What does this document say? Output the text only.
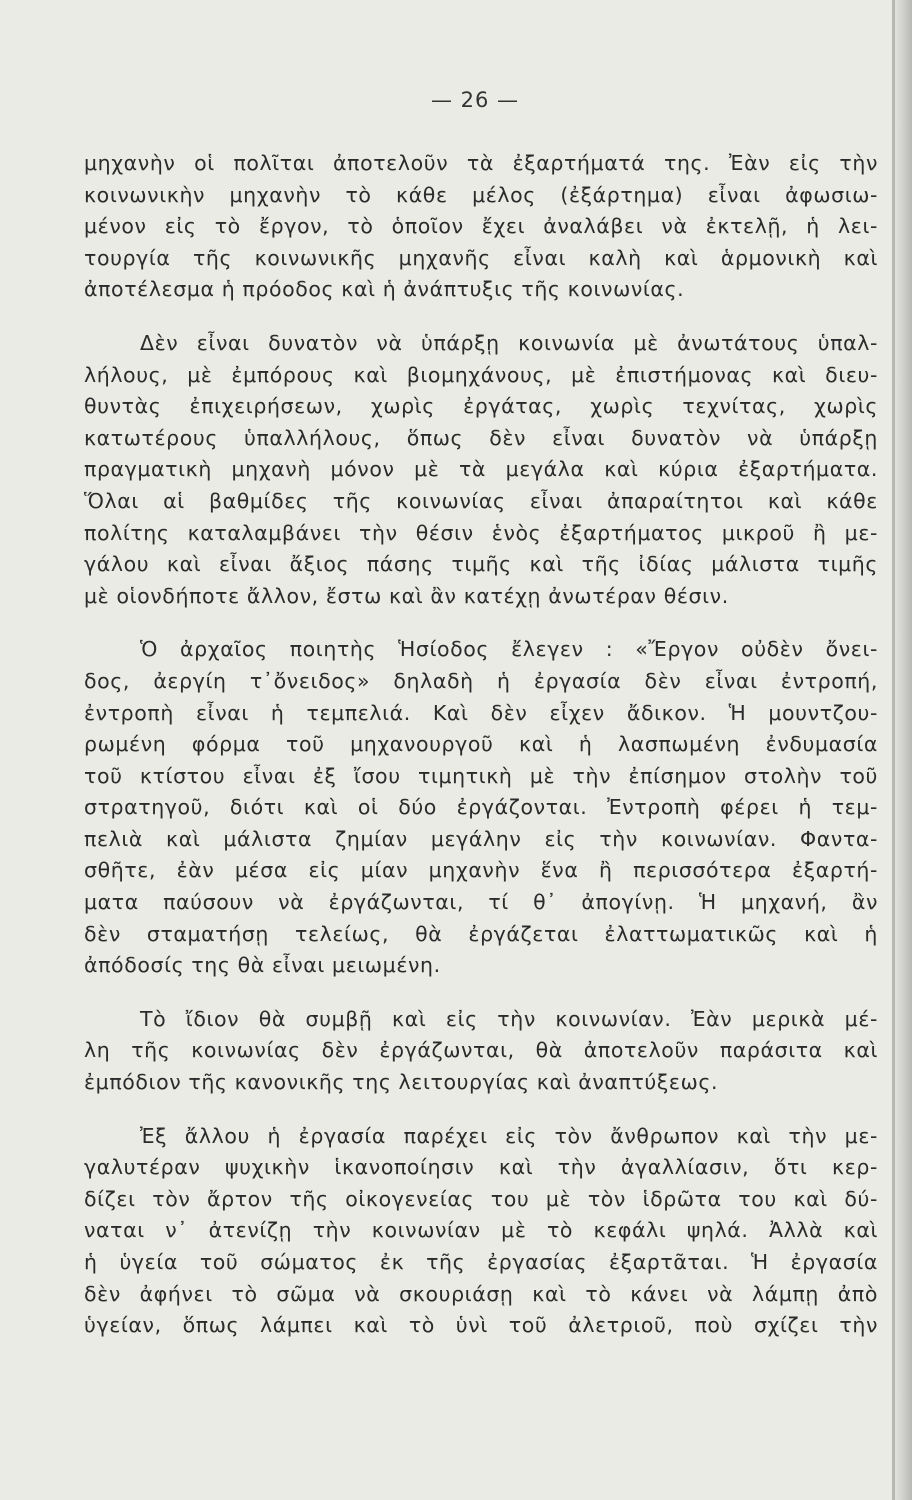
— 26 —

μηχανὴν οἱ πολῖται ἀποτελοῦν τὰ ἐξαρτήματά της. Ἐὰν εἰς τὴν
κοινωνικὴν μηχανὴν τὸ κάθε μέλος (ἐξάρτημα) εἶναι ἀφωσιω-
μένον εἰς τὸ ἔργον, τὸ ὁποῖον ἔχει ἀναλάβει νὰ ἐκτελῇ, ἡ λει-
τουργία τῆς κοινωνικῆς μηχανῆς εἶναι καλὴ καὶ ἁρμονικὴ καὶ
ἀποτέλεσμα ἡ πρόοδος καὶ ἡ ἀνάπτυξις τῆς κοινωνίας.

Δὲν εἶναι δυνατὸν νὰ ὑπάρξῃ κοινωνία μὲ ἀνωτάτους ὑπαλ-
λήλους, μὲ ἐμπόρους καὶ βιομηχάνους, μὲ ἐπιστήμονας καὶ διευ-
θυντὰς ἐπιχειρήσεων, χωρὶς ἐργάτας, χωρὶς τεχνίτας, χωρὶς
κατωτέρους ὑπαλλήλους, ὅπως δὲν εἶναι δυνατὸν νὰ ὑπάρξῃ
πραγματικὴ μηχανὴ μόνον μὲ τὰ μεγάλα καὶ κύρια ἐξαρτήματα.
Ὅλαι αἱ βαθμίδες τῆς κοινωνίας εἶναι ἀπαραίτητοι καὶ κάθε
πολίτης καταλαμβάνει τὴν θέσιν ἑνὸς ἐξαρτήματος μικροῦ ἢ με-
γάλου καὶ εἶναι ἄξιος πάσης τιμῆς καὶ τῆς ἰδίας μάλιστα τιμῆς
μὲ οἱονδήποτε ἄλλον, ἔστω καὶ ἂν κατέχῃ ἀνωτέραν θέσιν.

Ὁ ἀρχαῖος ποιητὴς Ἡσίοδος ἔλεγεν : «Ἔργον οὐδὲν ὄνει-
δος, ἀεργίη τ᾽ὄνειδος» δηλαδὴ ἡ ἐργασία δὲν εἶναι ἐντροπή,
ἐντροπὴ εἶναι ἡ τεμπελιά. Καὶ δὲν εἶχεν ἄδικον. Ἡ μουντζου-
ρωμένη φόρμα τοῦ μηχανουργοῦ καὶ ἡ λασπωμένη ἐνδυμασία
τοῦ κτίστου εἶναι ἐξ ἴσου τιμητικὴ μὲ τὴν ἐπίσημον στολὴν τοῦ
στρατηγοῦ, διότι καὶ οἱ δύο ἐργάζονται. Ἐντροπὴ φέρει ἡ τεμ-
πελιὰ καὶ μάλιστα ζημίαν μεγάλην εἰς τὴν κοινωνίαν. Φαντα-
σθῆτε, ἐὰν μέσα εἰς μίαν μηχανὴν ἕνα ἢ περισσότερα ἐξαρτή-
ματα παύσουν νὰ ἐργάζωνται, τί θ᾽ ἀπογίνῃ. Ἡ μηχανή, ἂν
δὲν σταματήσῃ τελείως, θὰ ἐργάζεται ἐλαττωματικῶς καὶ ἡ
ἀπόδοσίς της θὰ εἶναι μειωμένη.

Τὸ ἴδιον θὰ συμβῇ καὶ εἰς τὴν κοινωνίαν. Ἐὰν μερικὰ μέ-
λη τῆς κοινωνίας δὲν ἐργάζωνται, θὰ ἀποτελοῦν παράσιτα καὶ
ἐμπόδιον τῆς κανονικῆς της λειτουργίας καὶ ἀναπτύξεως.

Ἐξ ἄλλου ἡ ἐργασία παρέχει εἰς τὸν ἄνθρωπον καὶ τὴν με-
γαλυτέραν ψυχικὴν ἱκανοποίησιν καὶ τὴν ἀγαλλίασιν, ὅτι κερ-
δίζει τὸν ἄρτον τῆς οἰκογενείας του μὲ τὸν ἱδρῶτα του καὶ δύ-
ναται ν᾽ ἀτενίζῃ τὴν κοινωνίαν μὲ τὸ κεφάλι ψηλά. Ἀλλὰ καὶ
ἡ ὑγεία τοῦ σώματος ἐκ τῆς ἐργασίας ἐξαρτᾶται. Ἡ ἐργασία
δὲν ἀφήνει τὸ σῶμα νὰ σκουριάσῃ καὶ τὸ κάνει νὰ λάμπῃ ἀπὸ
ὑγείαν, ὅπως λάμπει καὶ τὸ ὑνὶ τοῦ ἀλετριοῦ, ποὺ σχίζει τὴν
